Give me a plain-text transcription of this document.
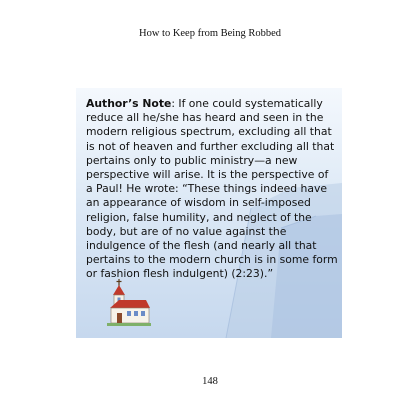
How to Keep from Being Robbed

Author’s Note: If one could systematically reduce all he/she has heard and seen in the modern religious spectrum, excluding all that is not of heaven and further excluding all that pertains only to public ministry—a new perspective will arise. It is the perspective of a Paul! He wrote: “These things indeed have an appearance of wisdom in self-imposed religion, false humility, and neglect of the body, but are of no value against the indulgence of the flesh (and nearly all that pertains to the modern church is in some form or fashion flesh indulgent) (2:23).”

148
